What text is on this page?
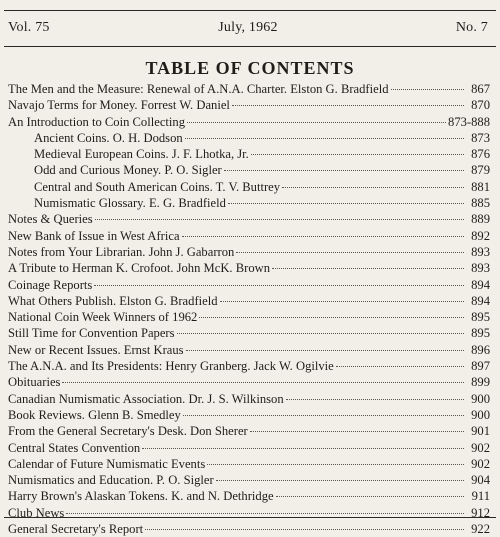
Vol. 75	July, 1962	No. 7
TABLE OF CONTENTS
The Men and the Measure: Renewal of A.N.A. Charter. Elston G. Bradfield	867
Navajo Terms for Money. Forrest W. Daniel	870
An Introduction to Coin Collecting	873-888
Ancient Coins. O. H. Dodson	873
Medieval European Coins. J. F. Lhotka, Jr.	876
Odd and Curious Money. P. O. Sigler	879
Central and South American Coins. T. V. Buttrey	881
Numismatic Glossary. E. G. Bradfield	885
Notes & Queries	889
New Bank of Issue in West Africa	892
Notes from Your Librarian. John J. Gabarron	893
A Tribute to Herman K. Crofoot. John McK. Brown	893
Coinage Reports	894
What Others Publish. Elston G. Bradfield	894
National Coin Week Winners of 1962	895
Still Time for Convention Papers	895
New or Recent Issues. Ernst Kraus	896
The A.N.A. and Its Presidents: Henry Granberg. Jack W. Ogilvie	897
Obituaries	899
Canadian Numismatic Association. Dr. J. S. Wilkinson	900
Book Reviews. Glenn B. Smedley	900
From the General Secretary's Desk. Don Sherer	901
Central States Convention	902
Calendar of Future Numismatic Events	902
Numismatics and Education. P. O. Sigler	904
Harry Brown's Alaskan Tokens. K. and N. Dethridge	911
Club News	912
General Secretary's Report	922
